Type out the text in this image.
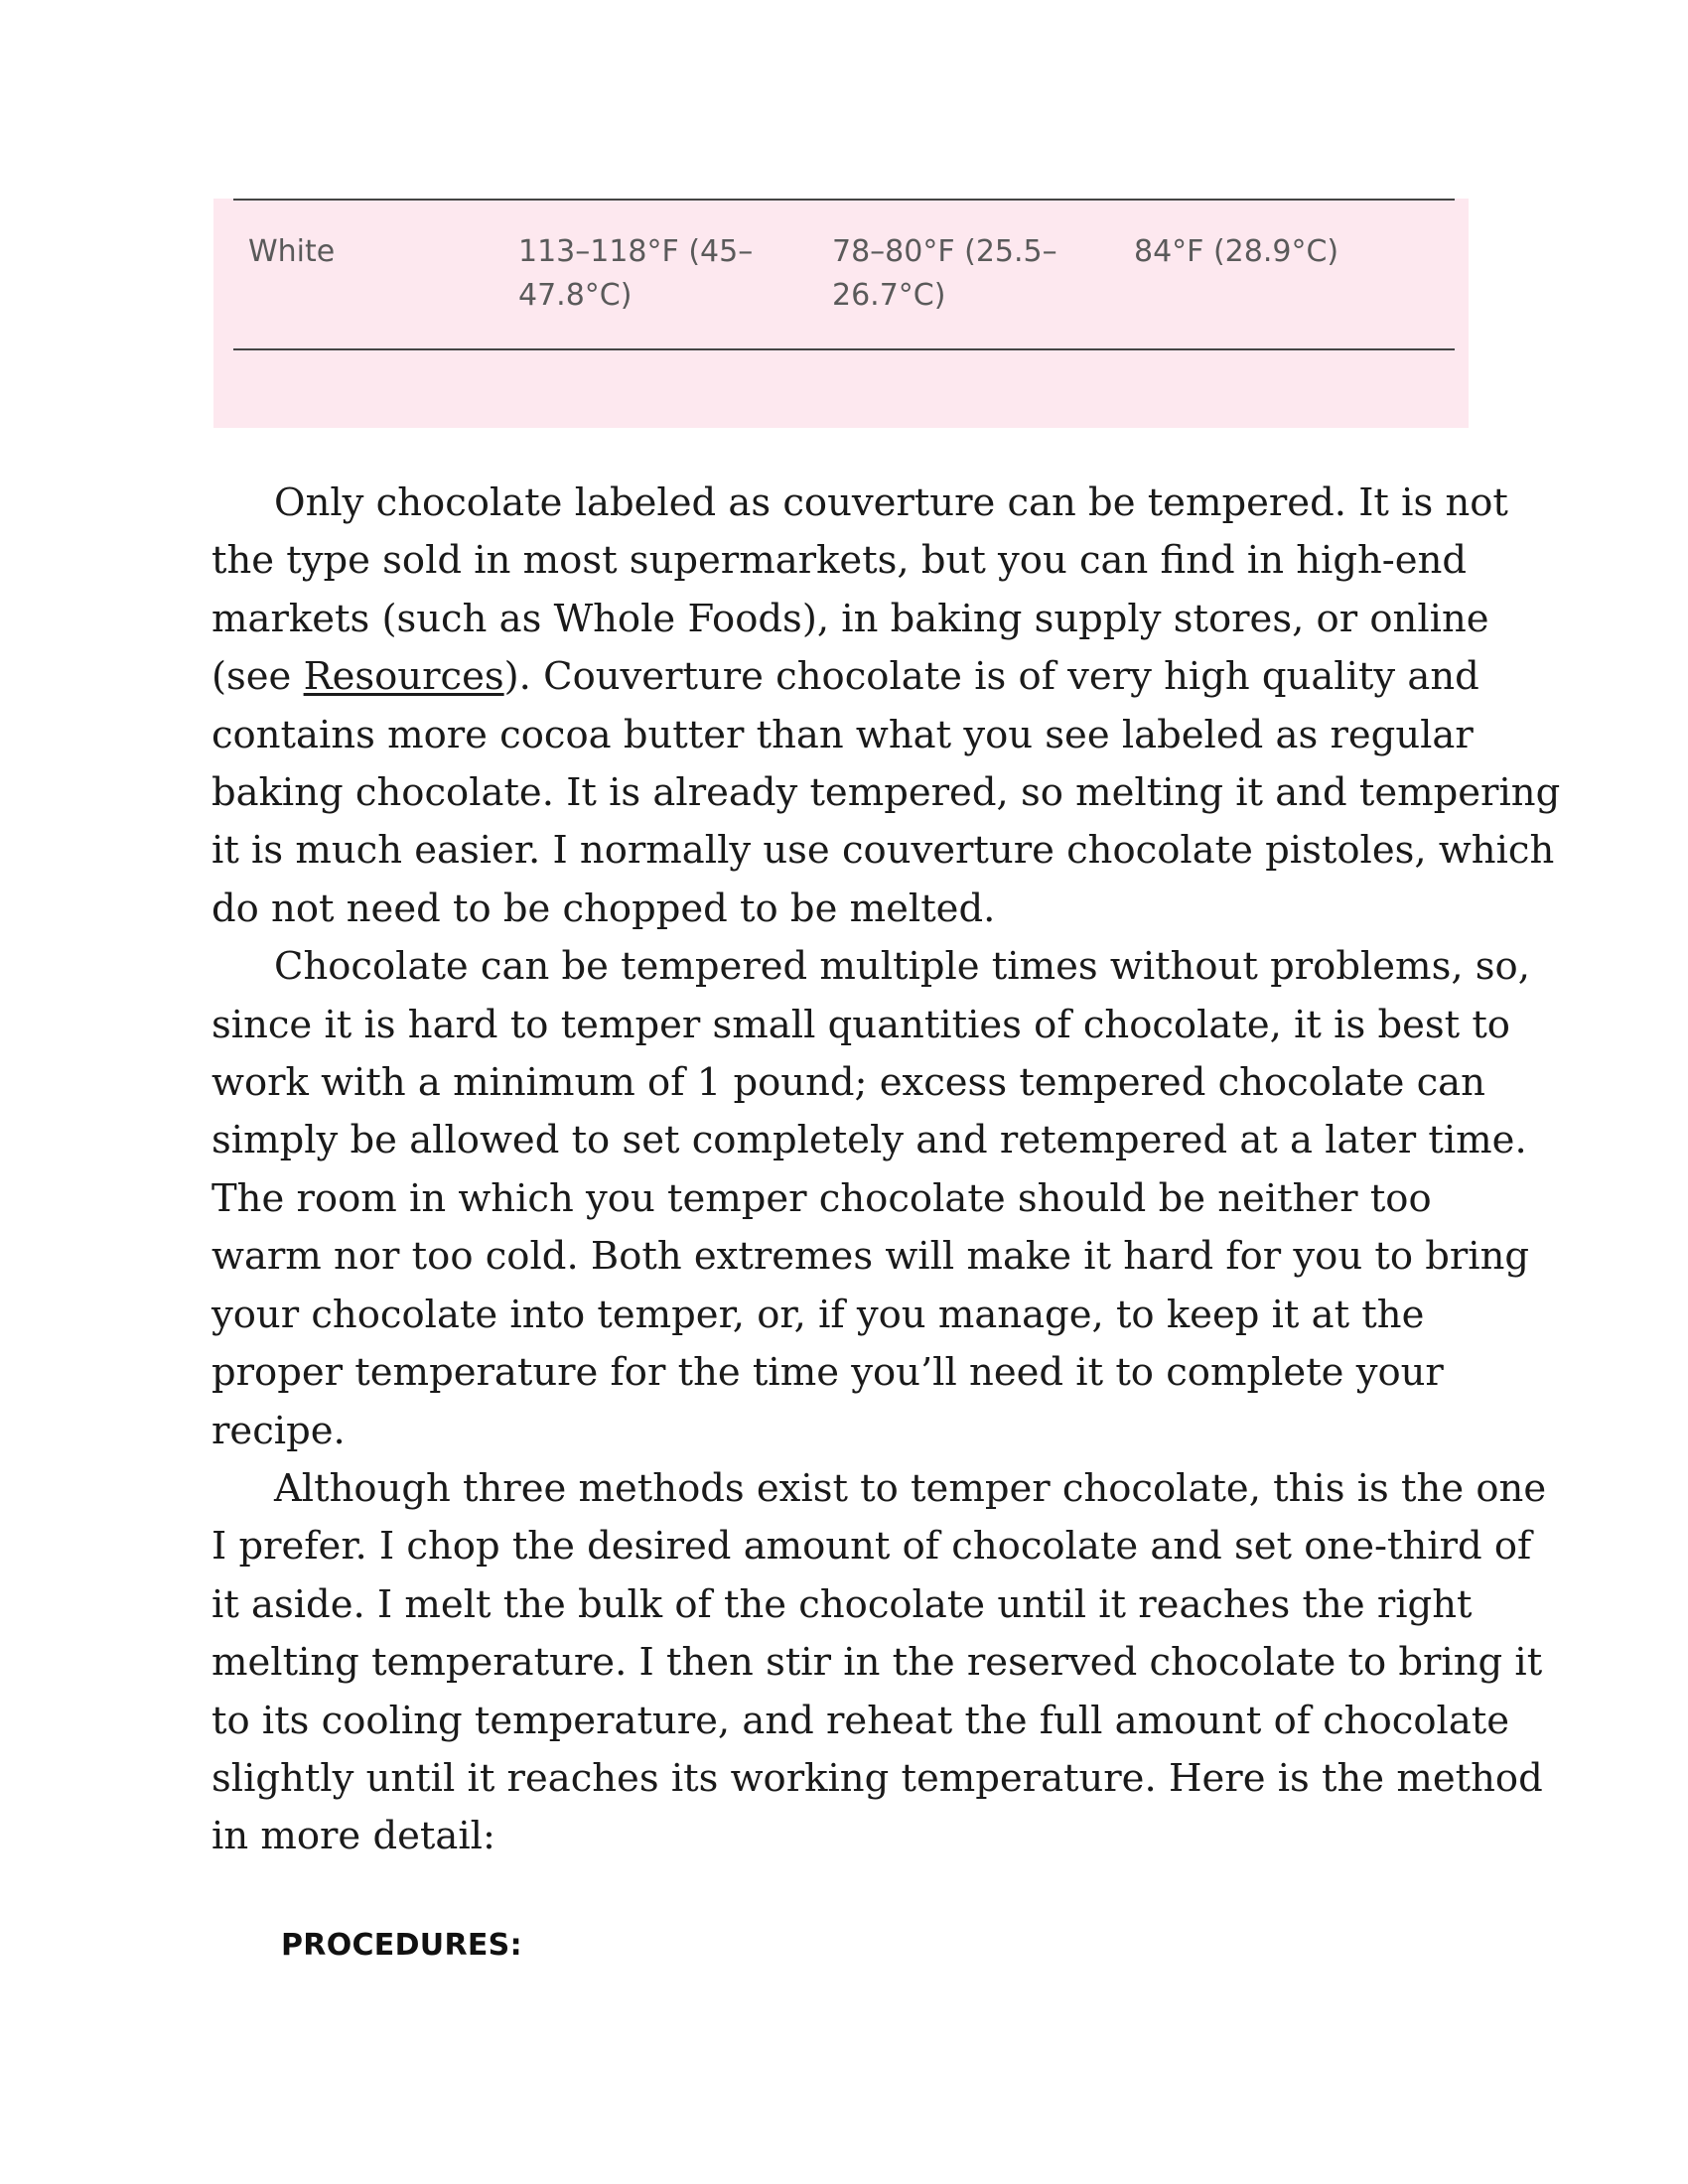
White	113–118°F (45–
47.8°C)
78–80°F (25.5–
26.7°C)
84°F (28.9°C)

Only chocolate labeled as couverture can be tempered. It is not
the type sold in most supermarkets, but you can find in high-end
markets (such as Whole Foods), in baking supply stores, or online
(see Resources). Couverture chocolate is of very high quality and
contains more cocoa butter than what you see labeled as regular
baking chocolate. It is already tempered, so melting it and tempering
it is much easier. I normally use couverture chocolate pistoles, which
do not need to be chopped to be melted.

Chocolate can be tempered multiple times without problems, so,
since it is hard to temper small quantities of chocolate, it is best to
work with a minimum of 1 pound; excess tempered chocolate can
simply be allowed to set completely and retempered at a later time.
The room in which you temper chocolate should be neither too
warm nor too cold. Both extremes will make it hard for you to bring
your chocolate into temper, or, if you manage, to keep it at the
proper temperature for the time you’ll need it to complete your
recipe.

Although three methods exist to temper chocolate, this is the one
I prefer. I chop the desired amount of chocolate and set one-third of
it aside. I melt the bulk of the chocolate until it reaches the right
melting temperature. I then stir in the reserved chocolate to bring it
to its cooling temperature, and reheat the full amount of chocolate
slightly until it reaches its working temperature. Here is the method
in more detail:

PROCEDURES:
